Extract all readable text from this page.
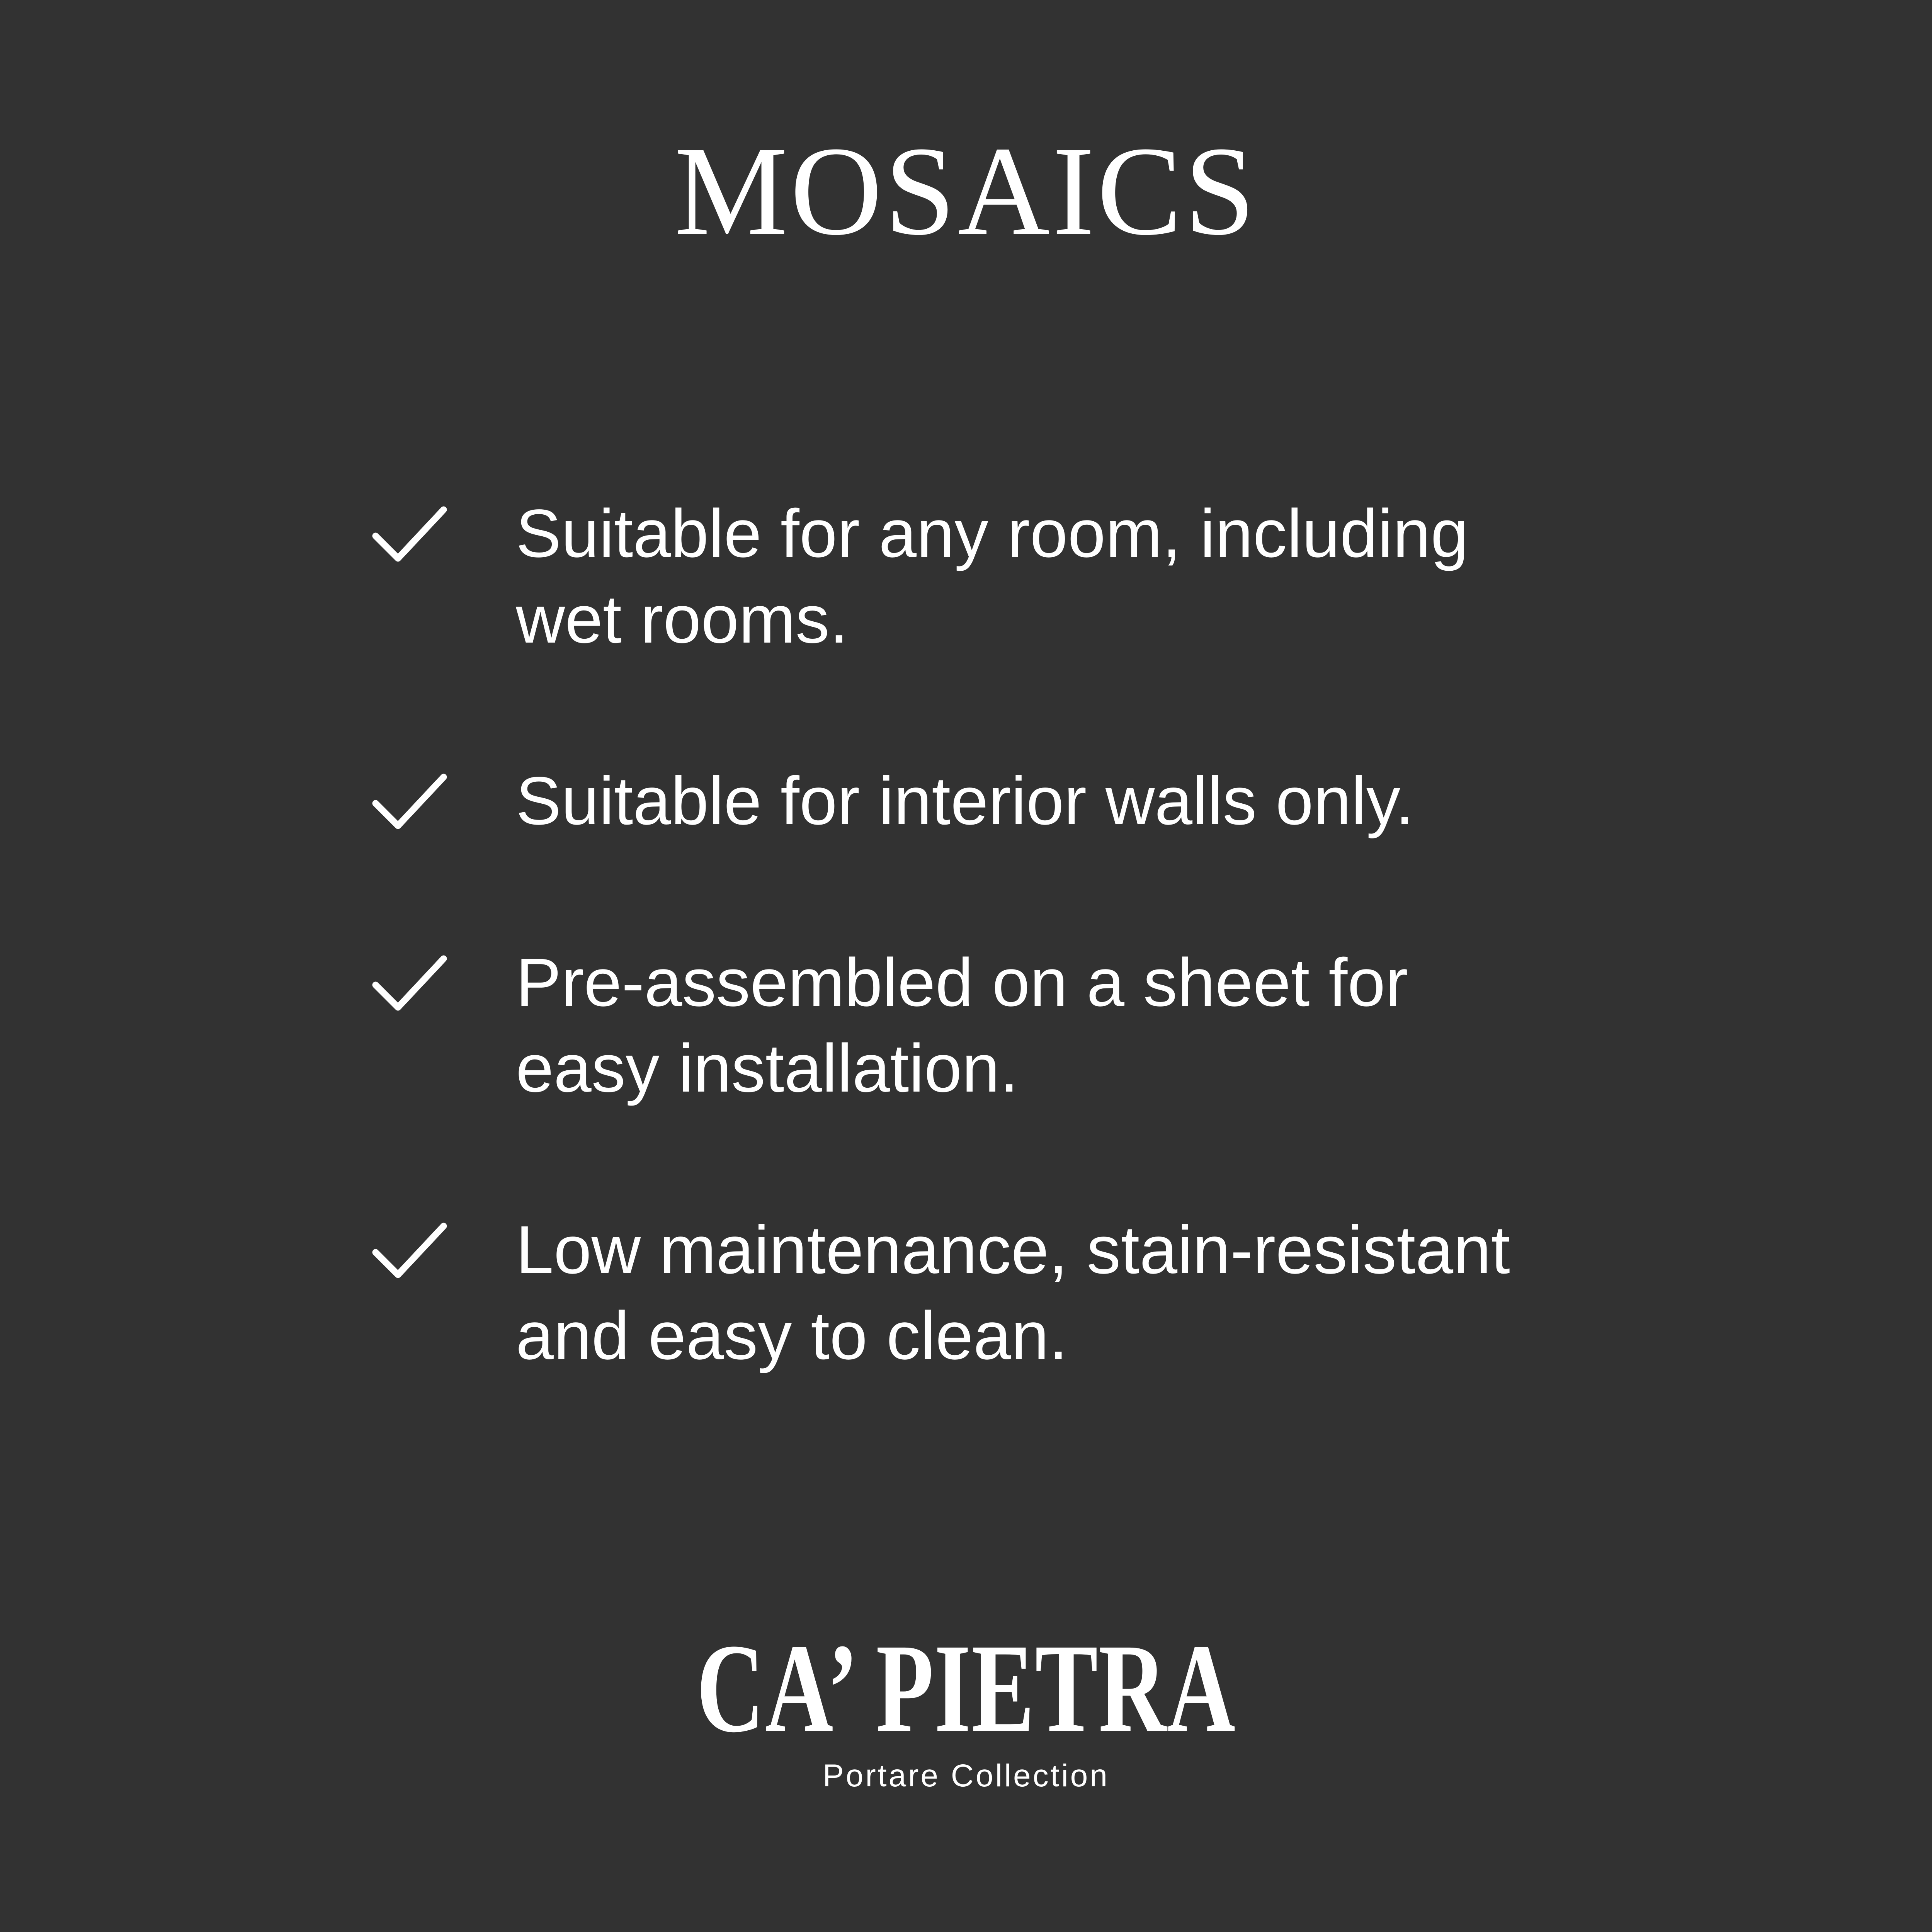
MOSAICS
Suitable for any room, including
wet rooms.
Suitable for interior walls only.
Pre-assembled on a sheet for
easy installation.
Low maintenance, stain-resistant
and easy to clean.
CA’ PIETRA
Portare Collection
